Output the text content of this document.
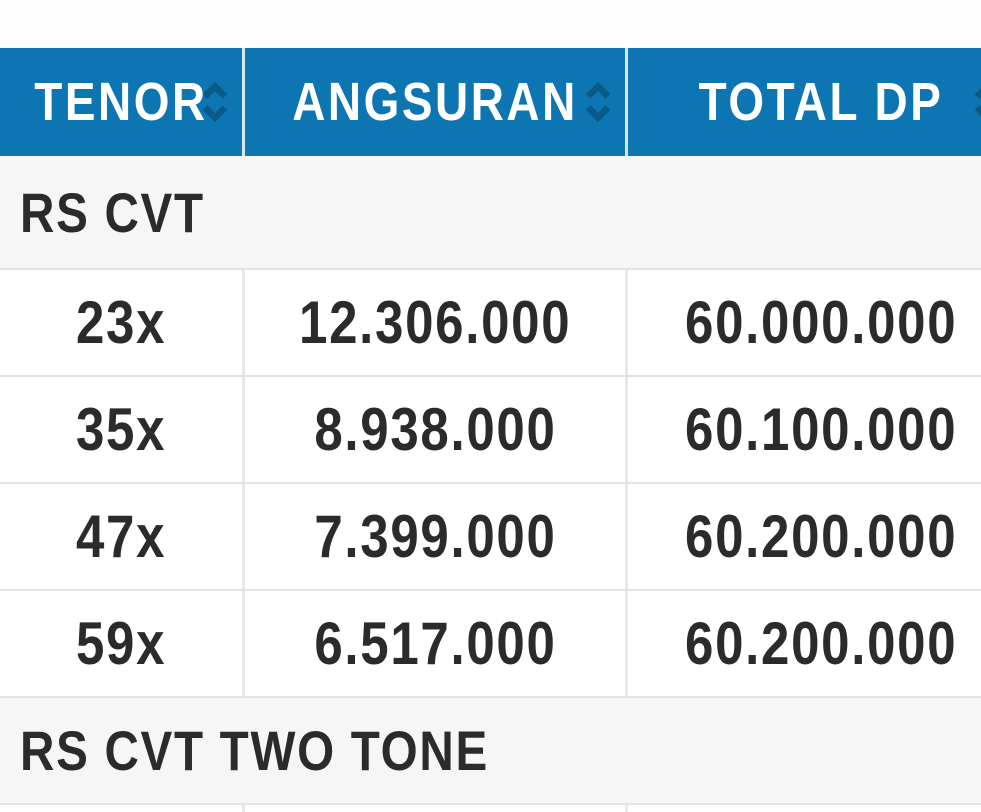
TENOR ANGSURAN TOTAL DP
RS CVT
23x 12.306.000 60.000.000
35x 8.938.000 60.100.000
47x 7.399.000 60.200.000
59x 6.517.000 60.200.000
RS CVT TWO TONE
